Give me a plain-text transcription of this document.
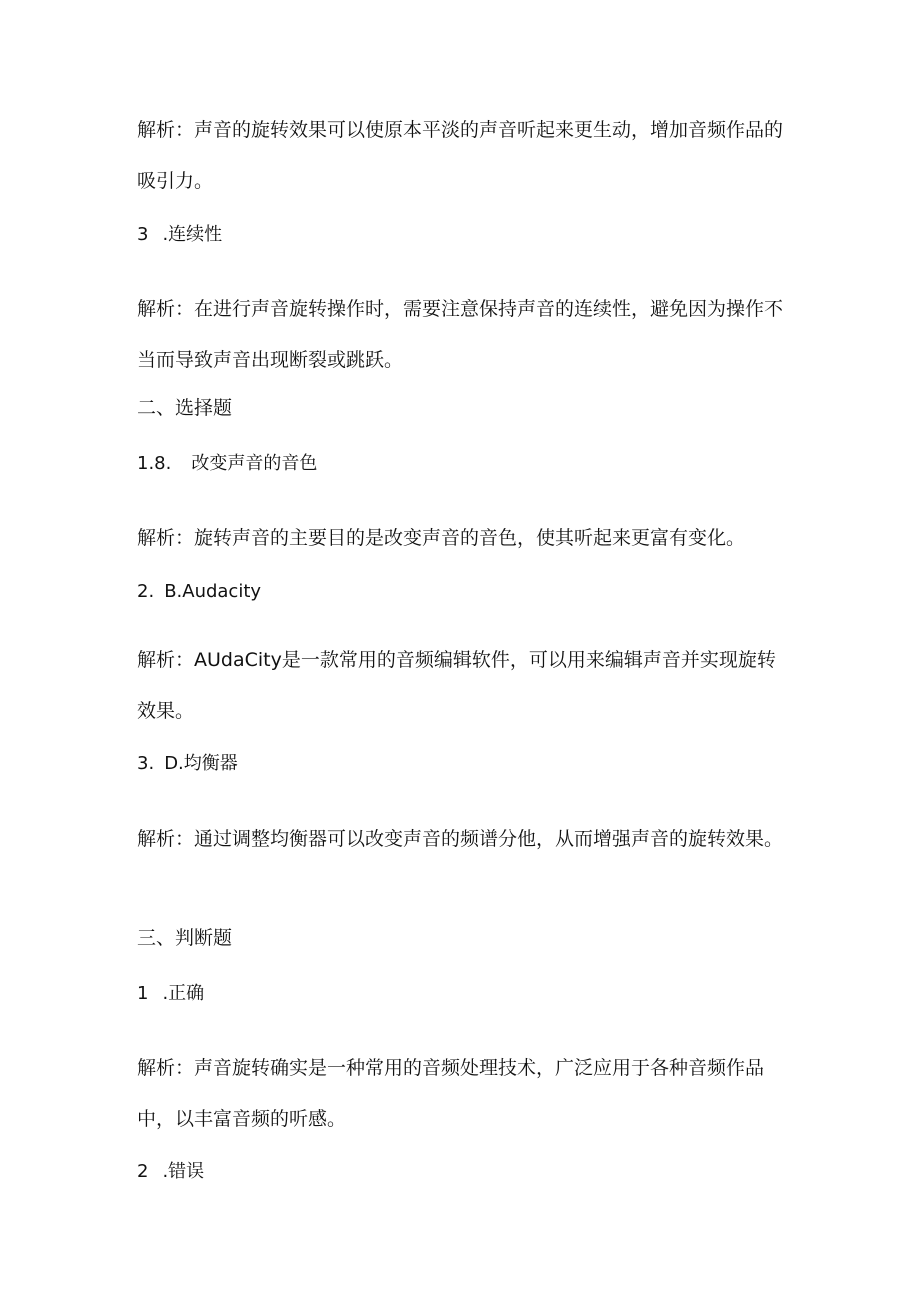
解析：声音的旋转效果可以使原本平淡的声音听起来更生动，增加音频作品的吸引力。

3 .连续性

解析：在进行声音旋转操作时，需要注意保持声音的连续性，避免因为操作不当而导致声音出现断裂或跳跃。

二、选择题

1.8. 改变声音的音色

解析：旋转声音的主要目的是改变声音的音色，使其听起来更富有变化。

2. B.Audacity

解析：AUdaCity是一款常用的音频编辑软件，可以用来编辑声音并实现旋转效果。

3. D.均衡器

解析：通过调整均衡器可以改变声音的频谱分他，从而增强声音的旋转效果。

三、判断题

1 .正确

解析：声音旋转确实是一种常用的音频处理技术，广泛应用于各种音频作品中，以丰富音频的听感。

2 .错误
